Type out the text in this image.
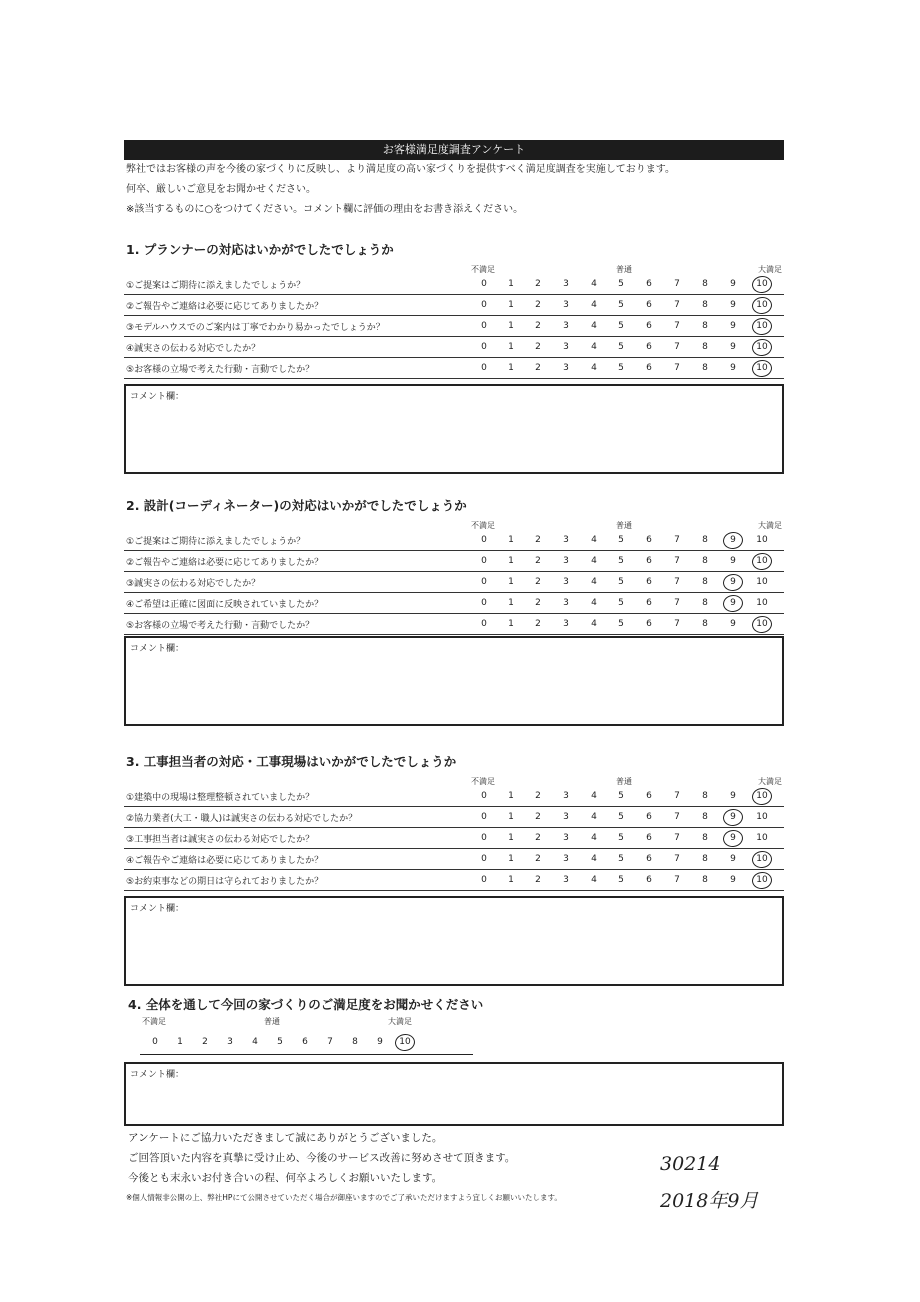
お客様満足度調査アンケート
弊社ではお客様の声を今後の家づくりに反映し、より満足度の高い家づくりを提供すべく満足度調査を実施しております。
何卒、厳しいご意見をお聞かせください。
※該当するものに○をつけてください。コメント欄に評価の理由をお書き添えください。
1. プランナーの対応はいかがでしたでしょうか
不満足	普通	大満足
①ご提案はご期待に添えましたでしょうか？	0	1	2	3	4	5	6	7	8	9	10
②ご報告やご連絡は必要に応じてありましたか？	0	1	2	3	4	5	6	7	8	9	10
③モデルハウスでのご案内は丁寧でわかり易かったでしょうか？	0	1	2	3	4	5	6	7	8	9	10
④誠実さの伝わる対応でしたか？	0	1	2	3	4	5	6	7	8	9	10
⑤お客様の立場で考えた行動・言動でしたか？	0	1	2	3	4	5	6	7	8	9	10
コメント欄：
2. 設計(コーディネーター)の対応はいかがでしたでしょうか
不満足	普通	大満足
①ご提案はご期待に添えましたでしょうか？	0	1	2	3	4	5	6	7	8	9	10
②ご報告やご連絡は必要に応じてありましたか？	0	1	2	3	4	5	6	7	8	9	10
③誠実さの伝わる対応でしたか？	0	1	2	3	4	5	6	7	8	9	10
④ご希望は正確に図面に反映されていましたか？	0	1	2	3	4	5	6	7	8	9	10
⑤お客様の立場で考えた行動・言動でしたか？	0	1	2	3	4	5	6	7	8	9	10
コメント欄：
3. 工事担当者の対応・工事現場はいかがでしたでしょうか
不満足	普通	大満足
①建築中の現場は整理整頓されていましたか？	0	1	2	3	4	5	6	7	8	9	10
②協力業者(大工・職人)は誠実さの伝わる対応でしたか？	0	1	2	3	4	5	6	7	8	9	10
③工事担当者は誠実さの伝わる対応でしたか？	0	1	2	3	4	5	6	7	8	9	10
④ご報告やご連絡は必要に応じてありましたか？	0	1	2	3	4	5	6	7	8	9	10
⑤お約束事などの期日は守られておりましたか？	0	1	2	3	4	5	6	7	8	9	10
コメント欄：
4. 全体を通して今回の家づくりのご満足度をお聞かせください
不満足	普通	大満足
0	1	2	3	4	5	6	7	8	9	10
コメント欄：
アンケートにご協力いただきまして誠にありがとうございました。
ご回答頂いた内容を真摯に受け止め、今後のサービス改善に努めさせて頂きます。
今後とも末永いお付き合いの程、何卒よろしくお願いいたします。
※個人情報非公開の上、弊社HPにて公開させていただく場合が御座いますのでご了承いただけますよう宜しくお願いいたします。
30214
2018年9月
